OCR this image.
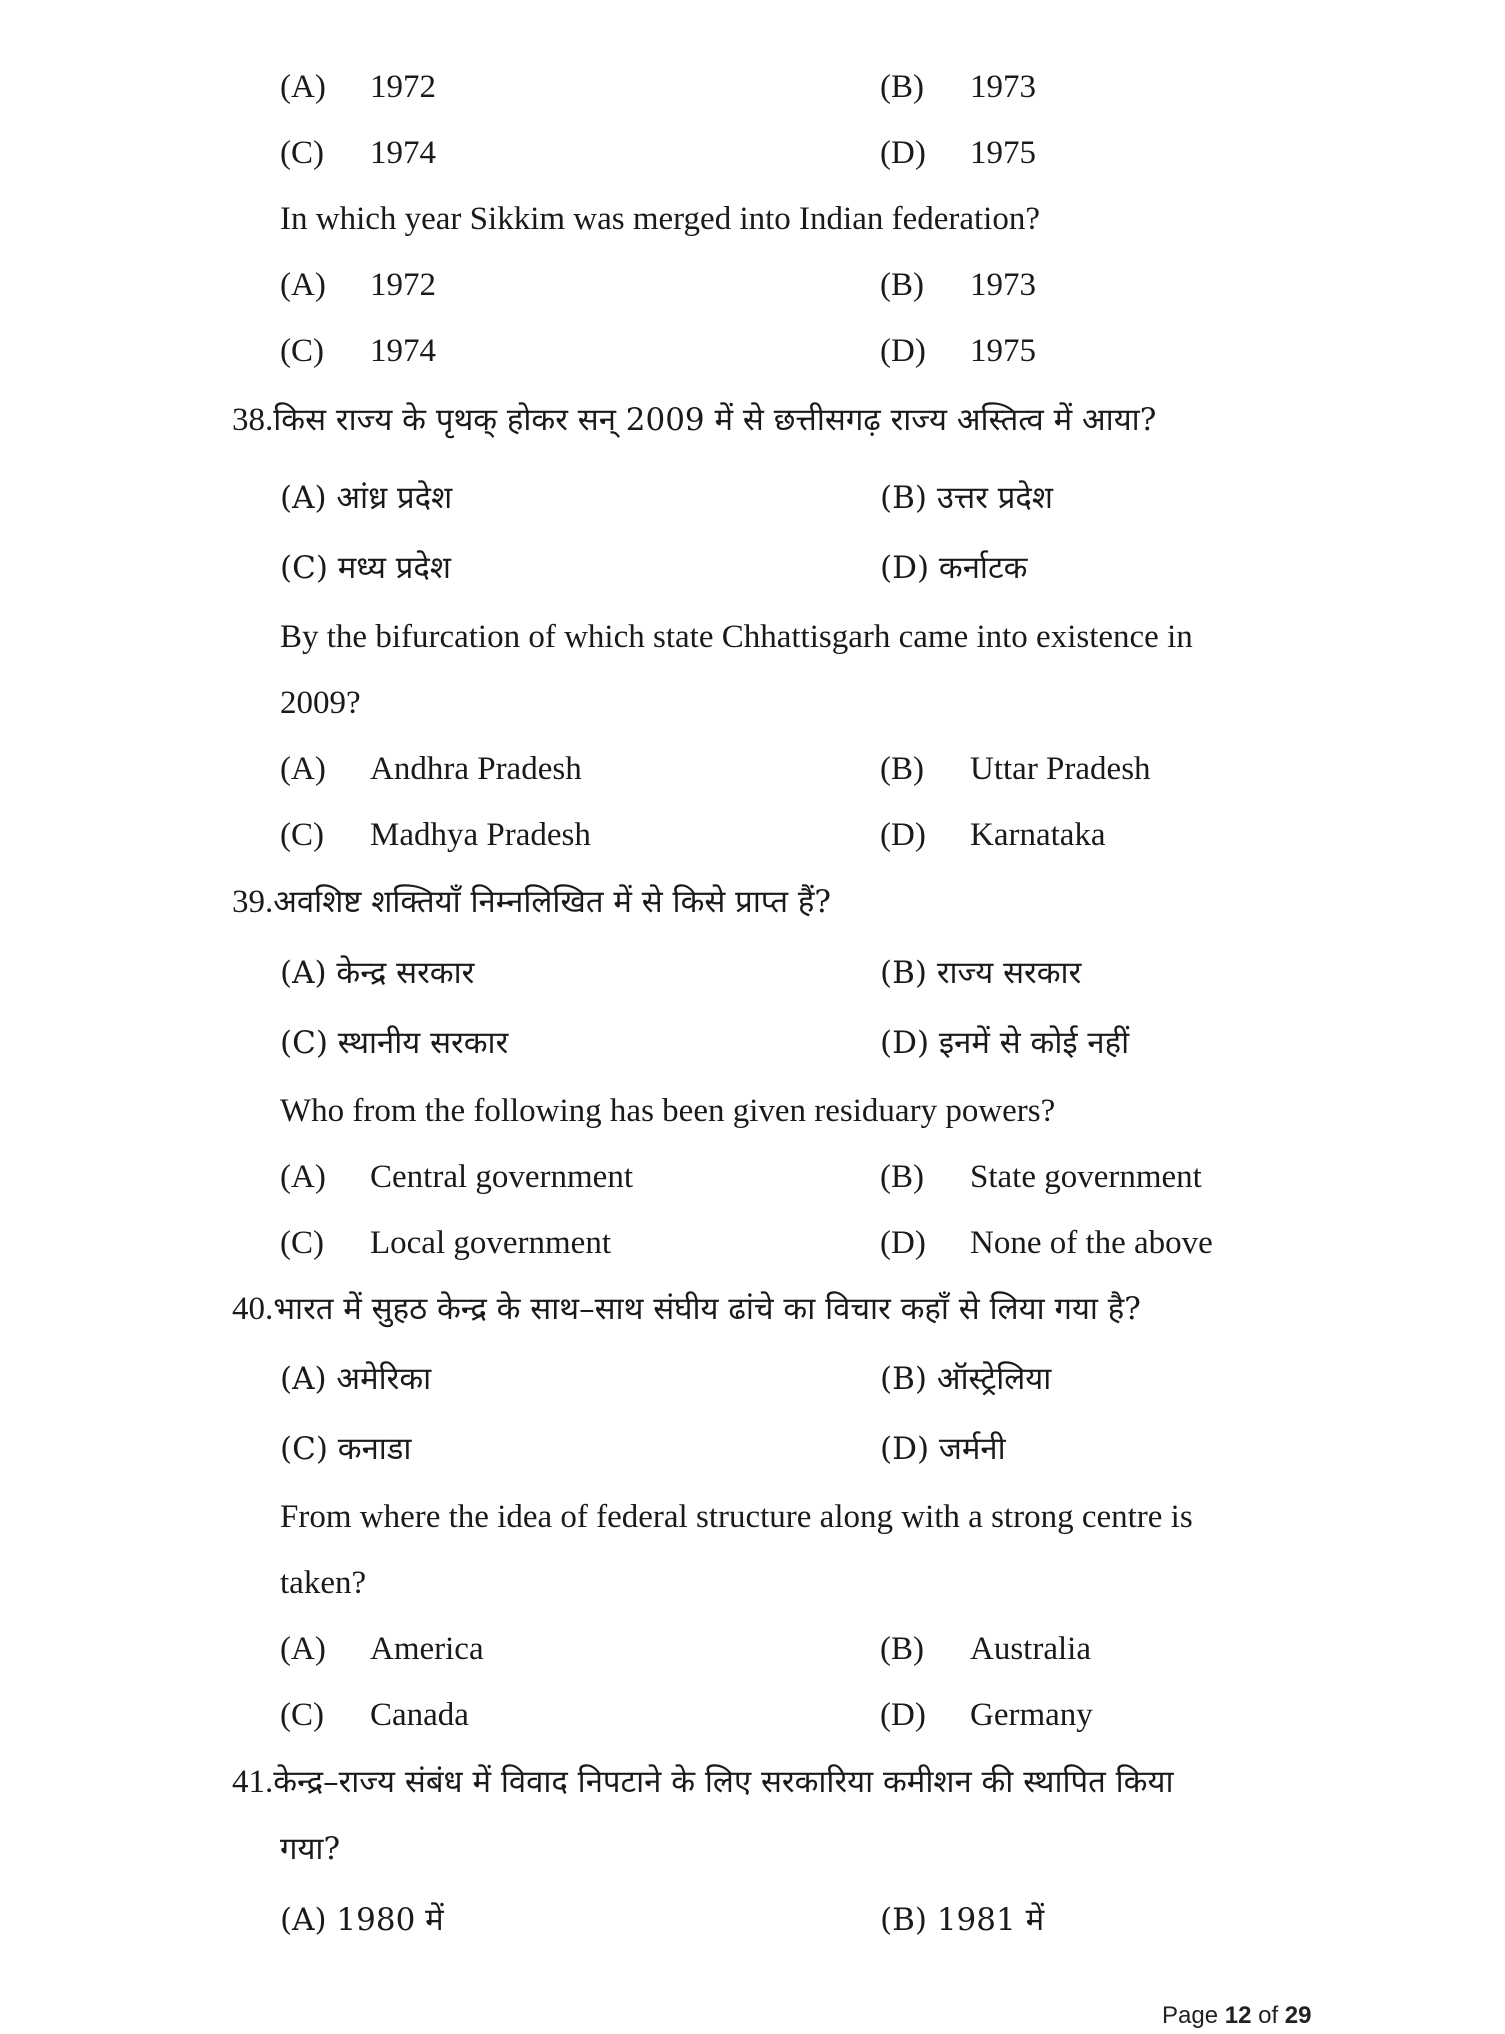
(A) 1972	(B) 1973
(C) 1974	(D) 1975
In which year Sikkim was merged into Indian federation?
(A) 1972	(B) 1973
(C) 1974	(D) 1975
38.किस राज्य के पृथक् होकर सन् 2009 में से छत्तीसगढ़ राज्य अस्तित्व में आया?
(A) आंध्र प्रदेश	(B) उत्तर प्रदेश
(C) मध्य प्रदेश	(D) कर्नाटक
By the bifurcation of which state Chhattisgarh came into existence in
2009?
(A) Andhra Pradesh	(B) Uttar Pradesh
(C) Madhya Pradesh	(D) Karnataka
39.अवशिष्ट शक्तियाँ निम्नलिखित में से किसे प्राप्त हैं?
(A) केन्द्र सरकार	(B) राज्य सरकार
(C) स्थानीय सरकार	(D) इनमें से कोई नहीं
Who from the following has been given residuary powers?
(A) Central government	(B) State government
(C) Local government	(D) None of the above
40.भारत में सुहठ केन्द्र के साथ–साथ संघीय ढांचे का विचार कहाँ से लिया गया है?
(A) अमेरिका	(B) ऑस्ट्रेलिया
(C) कनाडा	(D) जर्मनी
From where the idea of federal structure along with a strong centre is
taken?
(A) America	(B) Australia
(C) Canada	(D) Germany
41.केन्द्र–राज्य संबंध में विवाद निपटाने के लिए सरकारिया कमीशन की स्थापित किया
गया?
(A) 1980 में	(B) 1981 में
Page 12 of 29
